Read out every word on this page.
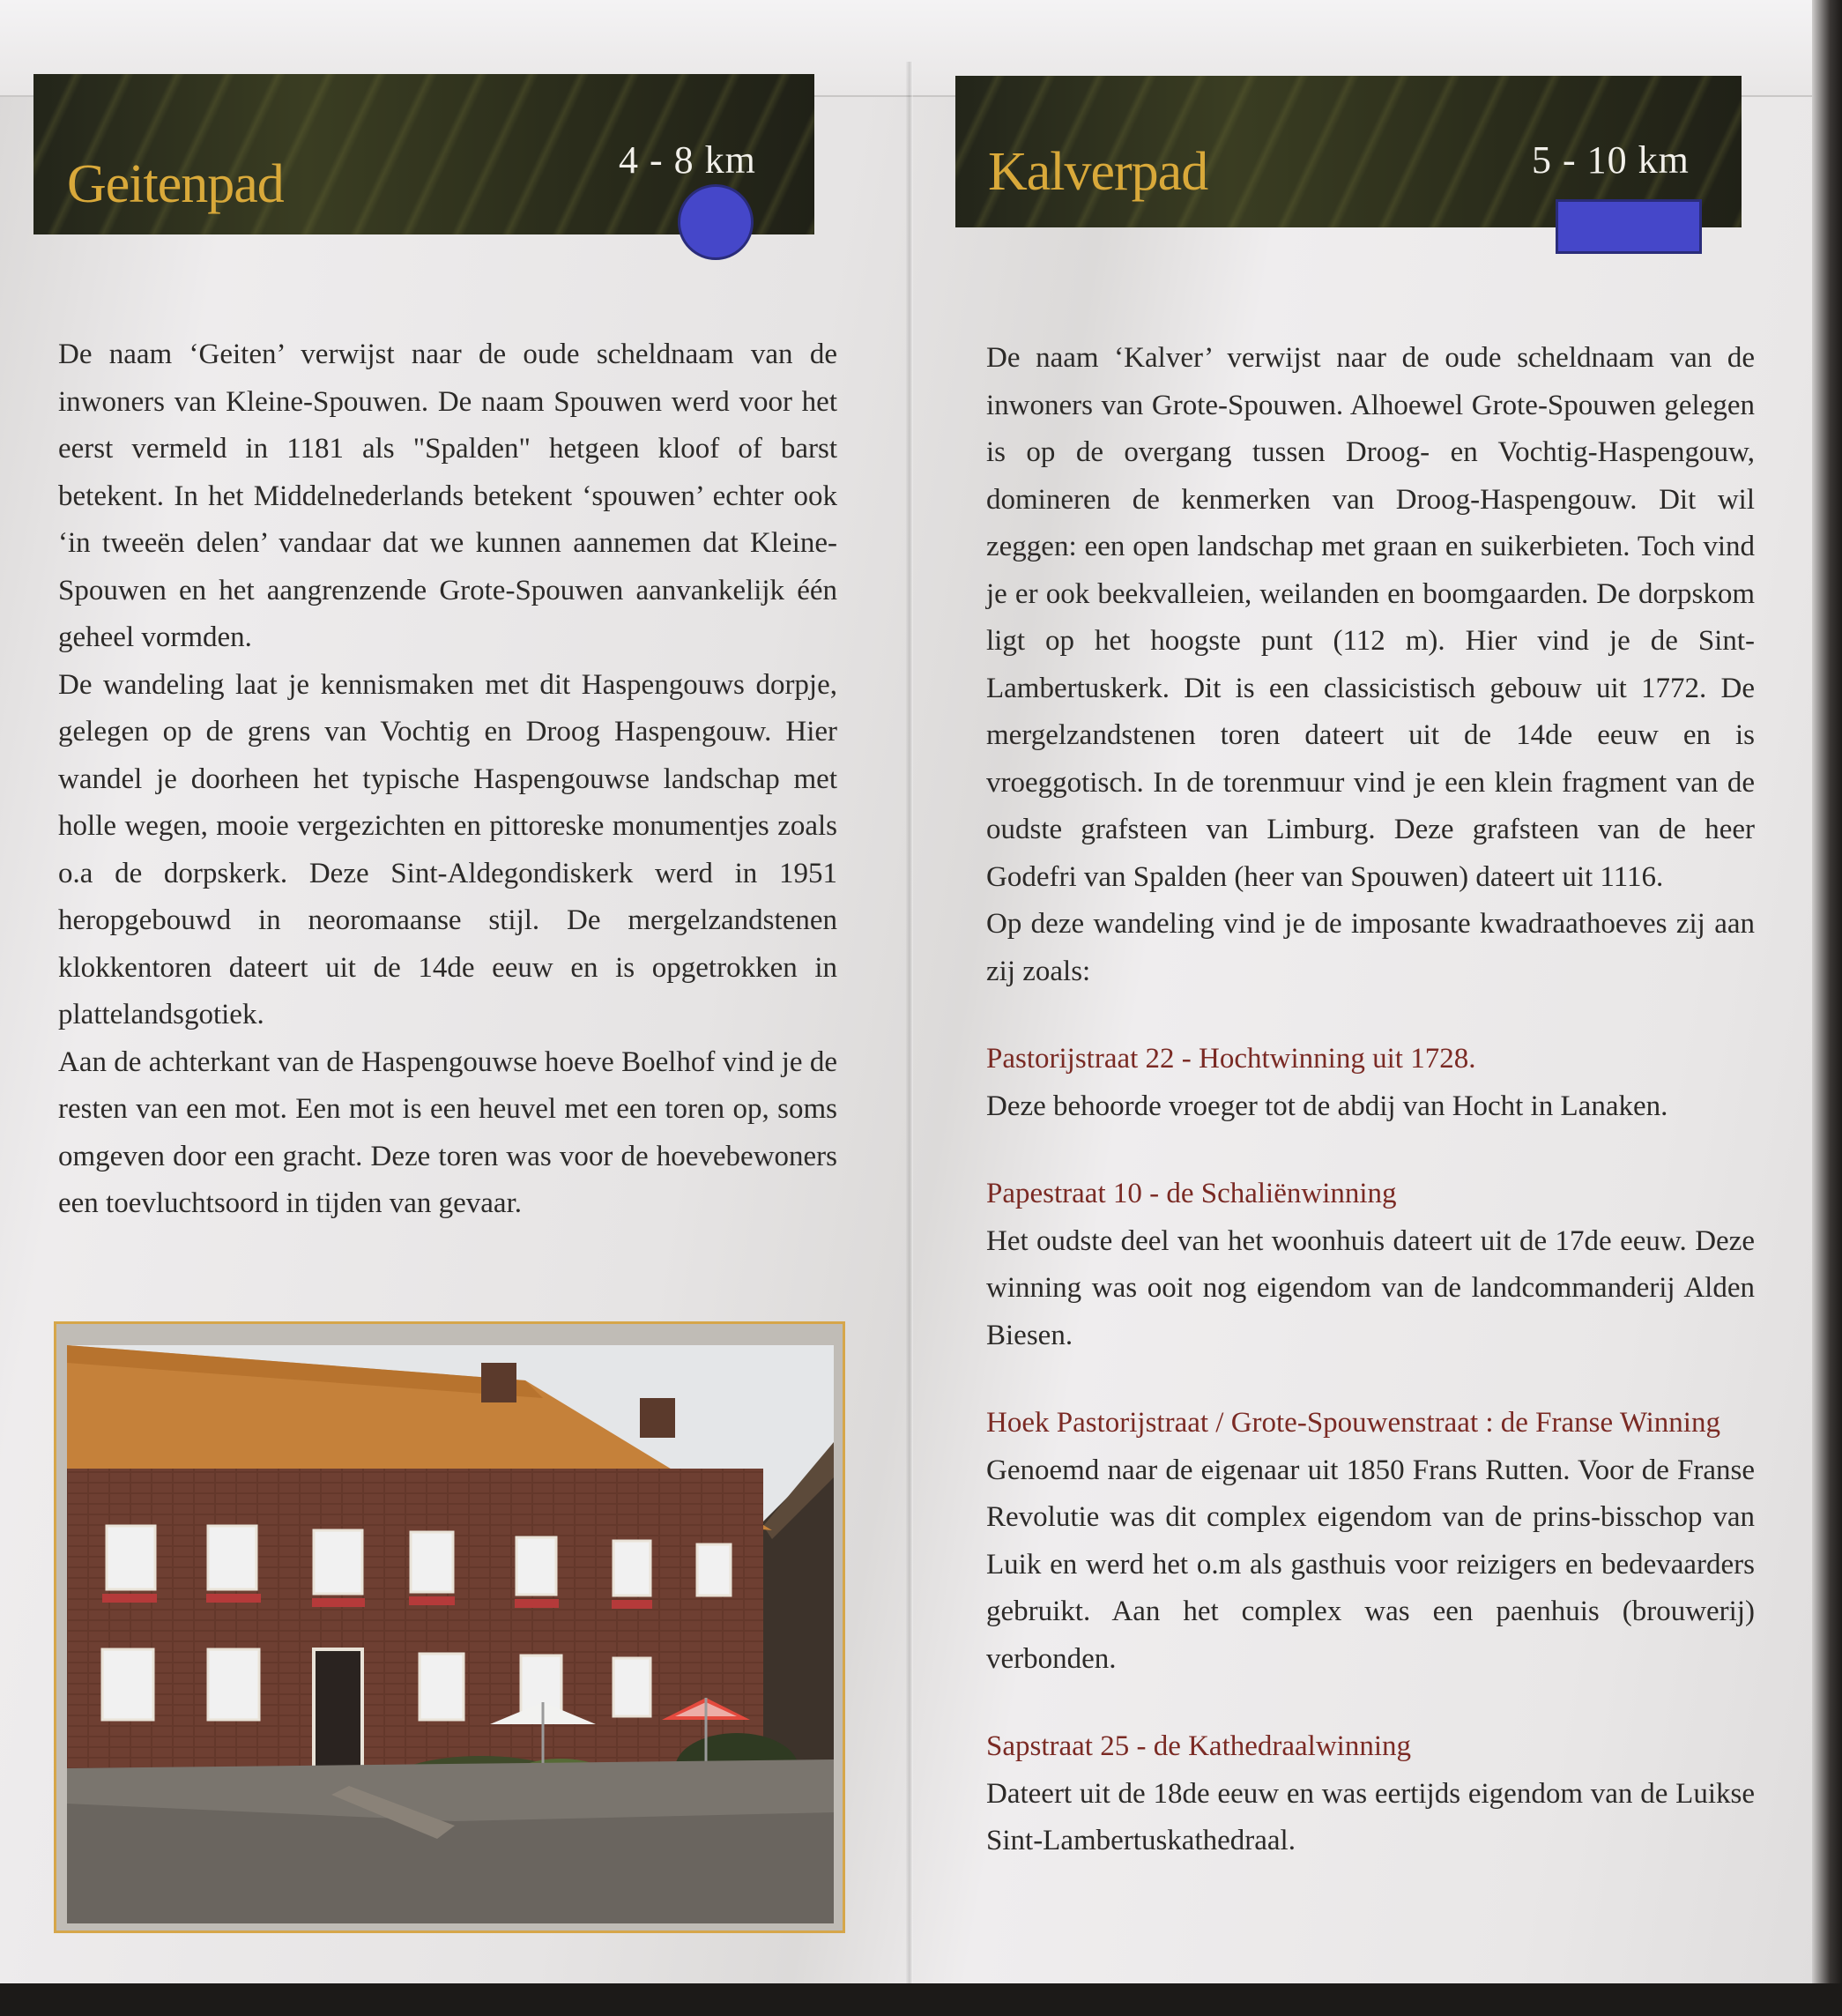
Geitenpad	4 - 8 km

De naam ‘Geiten’ verwijst naar de oude scheldnaam van de inwoners van Kleine-Spouwen. De naam Spouwen werd voor het eerst vermeld in 1181 als "Spalden" hetgeen kloof of barst betekent. In het Middelnederlands betekent ‘spouwen’ echter ook ‘in tweeën delen’ vandaar dat we kunnen aannemen dat Kleine-Spouwen en het aangrenzende Grote-Spouwen aanvankelijk één geheel vormden.

De wandeling laat je kennismaken met dit Haspengouws dorpje, gelegen op de grens van Vochtig en Droog Haspengouw. Hier wandel je doorheen het typische Haspengouwse landschap met holle wegen, mooie vergezichten en pittoreske monumentjes zoals o.a de dorpskerk. Deze Sint-Aldegondiskerk werd in 1951 heropgebouwd in neoromaanse stijl. De mergelzandstenen klokkentoren dateert uit de 14de eeuw en is opgetrokken in plattelandsgotiek.

Aan de achterkant van de Haspengouwse hoeve Boelhof vind je de resten van een mot. Een mot is een heuvel met een toren op, soms omgeven door een gracht. Deze toren was voor de hoevebewoners een toevluchtsoord in tijden van gevaar.

Kalverpad	5 - 10 km

De naam ‘Kalver’ verwijst naar de oude scheldnaam van de inwoners van Grote-Spouwen. Alhoewel Grote-Spouwen gelegen is op de overgang tussen Droog- en Vochtig-Haspengouw, domineren de kenmerken van Droog-Haspengouw. Dit wil zeggen: een open landschap met graan en suikerbieten. Toch vind je er ook beekvalleien, weilanden en boomgaarden. De dorpskom ligt op het hoogste punt (112 m). Hier vind je de Sint-Lambertuskerk. Dit is een classicistisch gebouw uit 1772. De mergelzandstenen toren dateert uit de 14de eeuw en is vroeggotisch. In de torenmuur vind je een klein fragment van de oudste grafsteen van Limburg. Deze grafsteen van de heer Godefri van Spalden (heer van Spouwen) dateert uit 1116.

Op deze wandeling vind je de imposante kwadraathoeves zij aan zij zoals:

Pastorijstraat 22 - Hochtwinning uit 1728.

Deze behoorde vroeger tot de abdij van Hocht in Lanaken.

Papestraat 10 - de Schaliënwinning

Het oudste deel van het woonhuis dateert uit de 17de eeuw. Deze winning was ooit nog eigendom van de landcommanderij Alden Biesen.

Hoek Pastorijstraat / Grote-Spouwenstraat : de Franse Winning

Genoemd naar de eigenaar uit 1850 Frans Rutten. Voor de Franse Revolutie was dit complex eigendom van de prins-bisschop van Luik en werd het o.m als gasthuis voor reizigers en bedevaarders gebruikt. Aan het complex was een paenhuis (brouwerij) verbonden.

Sapstraat 25 - de Kathedraalwinning

Dateert uit de 18de eeuw en was eertijds eigendom van de Luikse Sint-Lambertuskathedraal.
